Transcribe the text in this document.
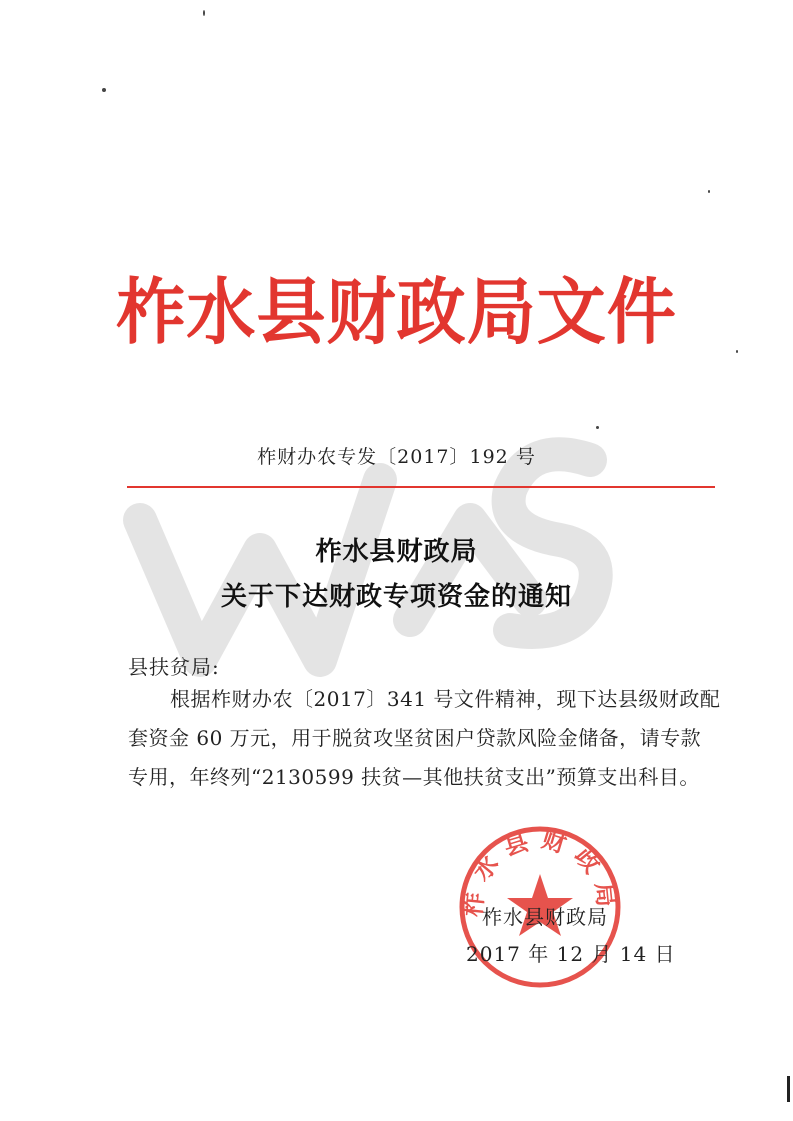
柞水县财政局文件
柞财办农专发〔2017〕192 号
柞水县财政局
关于下达财政专项资金的通知
县扶贫局:
根据柞财办农〔2017〕341 号文件精神，现下达县级财政配
套资金 60 万元，用于脱贫攻坚贫困户贷款风险金储备，请专款
专用，年终列“2130599 扶贫—其他扶贫支出”预算支出科目。
柞水县财政局
柞水县财政局
2017 年 12 月 14 日
